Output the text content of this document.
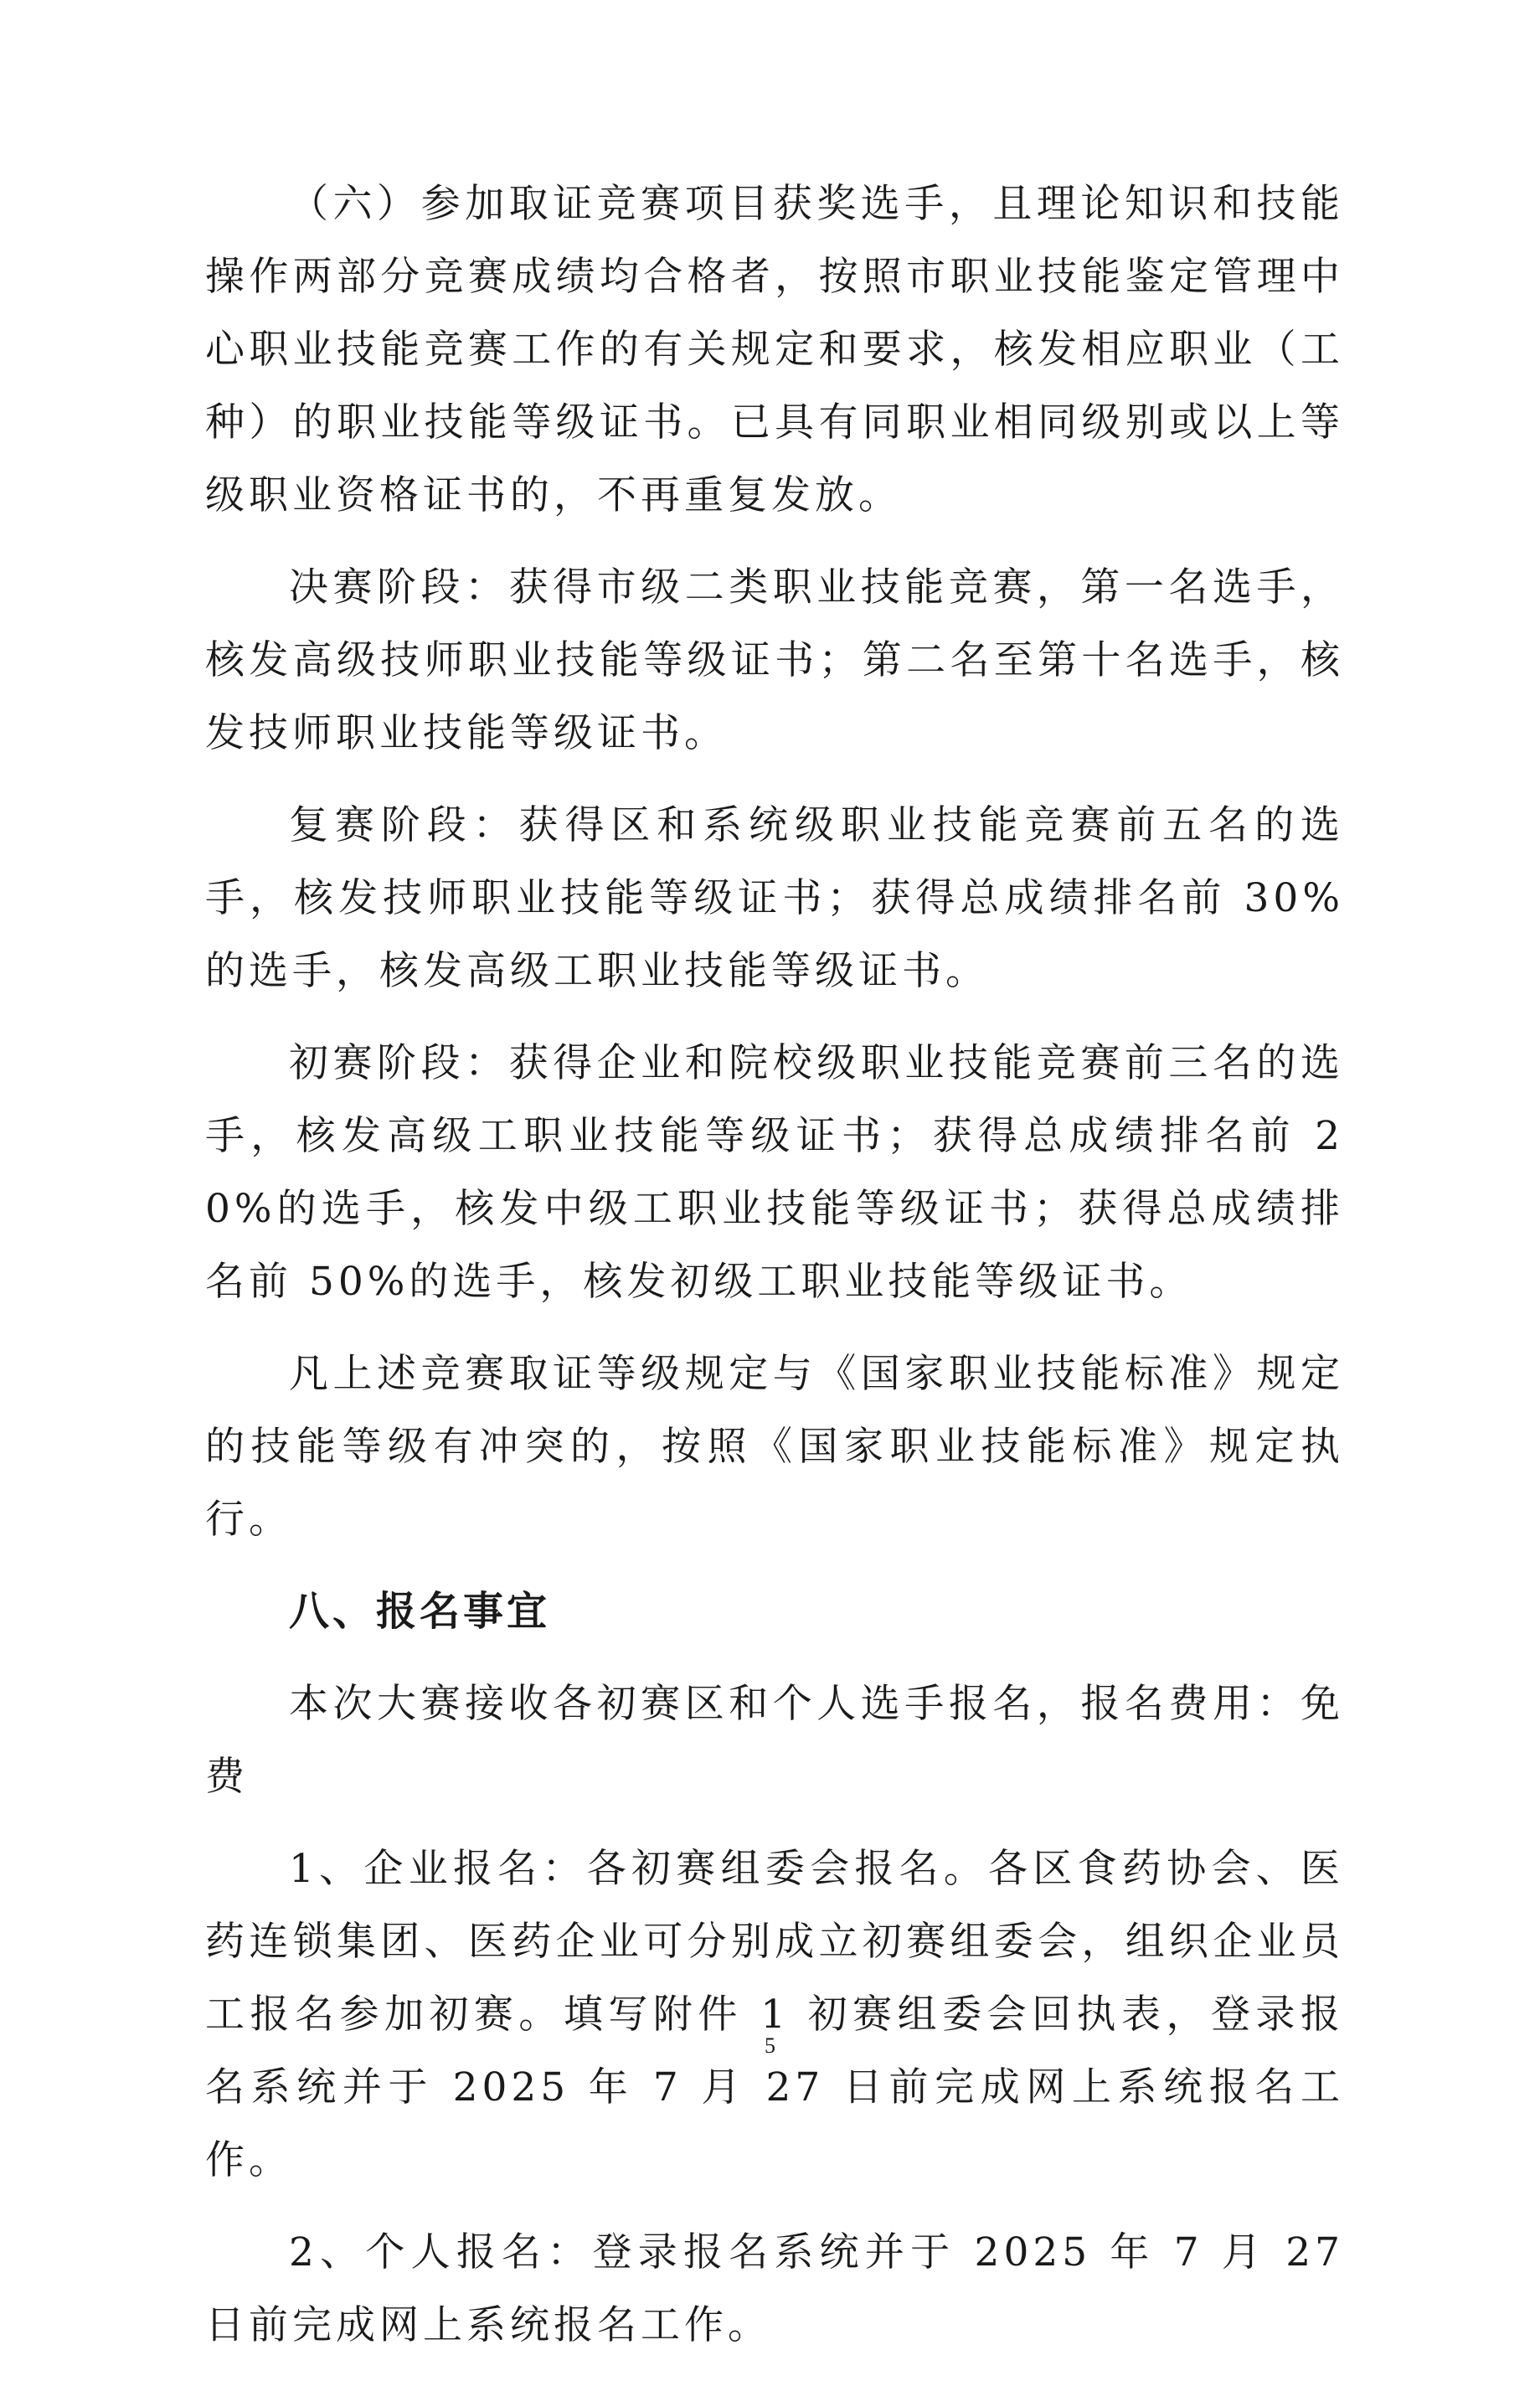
（六）参加取证竞赛项目获奖选手，且理论知识和技能操作两部分竞赛成绩均合格者，按照市职业技能鉴定管理中心职业技能竞赛工作的有关规定和要求，核发相应职业（工种）的职业技能等级证书。已具有同职业相同级别或以上等级职业资格证书的，不再重复发放。

决赛阶段：获得市级二类职业技能竞赛，第一名选手，核发高级技师职业技能等级证书；第二名至第十名选手，核发技师职业技能等级证书。

复赛阶段：获得区和系统级职业技能竞赛前五名的选手，核发技师职业技能等级证书；获得总成绩排名前 30%的选手，核发高级工职业技能等级证书。

初赛阶段：获得企业和院校级职业技能竞赛前三名的选手，核发高级工职业技能等级证书；获得总成绩排名前 20%的选手，核发中级工职业技能等级证书；获得总成绩排名前 50%的选手，核发初级工职业技能等级证书。

凡上述竞赛取证等级规定与《国家职业技能标准》规定的技能等级有冲突的，按照《国家职业技能标准》规定执行。

八、报名事宜

本次大赛接收各初赛区和个人选手报名，报名费用：免费

1、企业报名：各初赛组委会报名。各区食药协会、医药连锁集团、医药企业可分别成立初赛组委会，组织企业员工报名参加初赛。填写附件 1 初赛组委会回执表，登录报名系统并于 2025 年 7 月 27 日前完成网上系统报名工作。

2、个人报名：登录报名系统并于 2025 年 7 月 27 日前完成网上系统报名工作。

5
